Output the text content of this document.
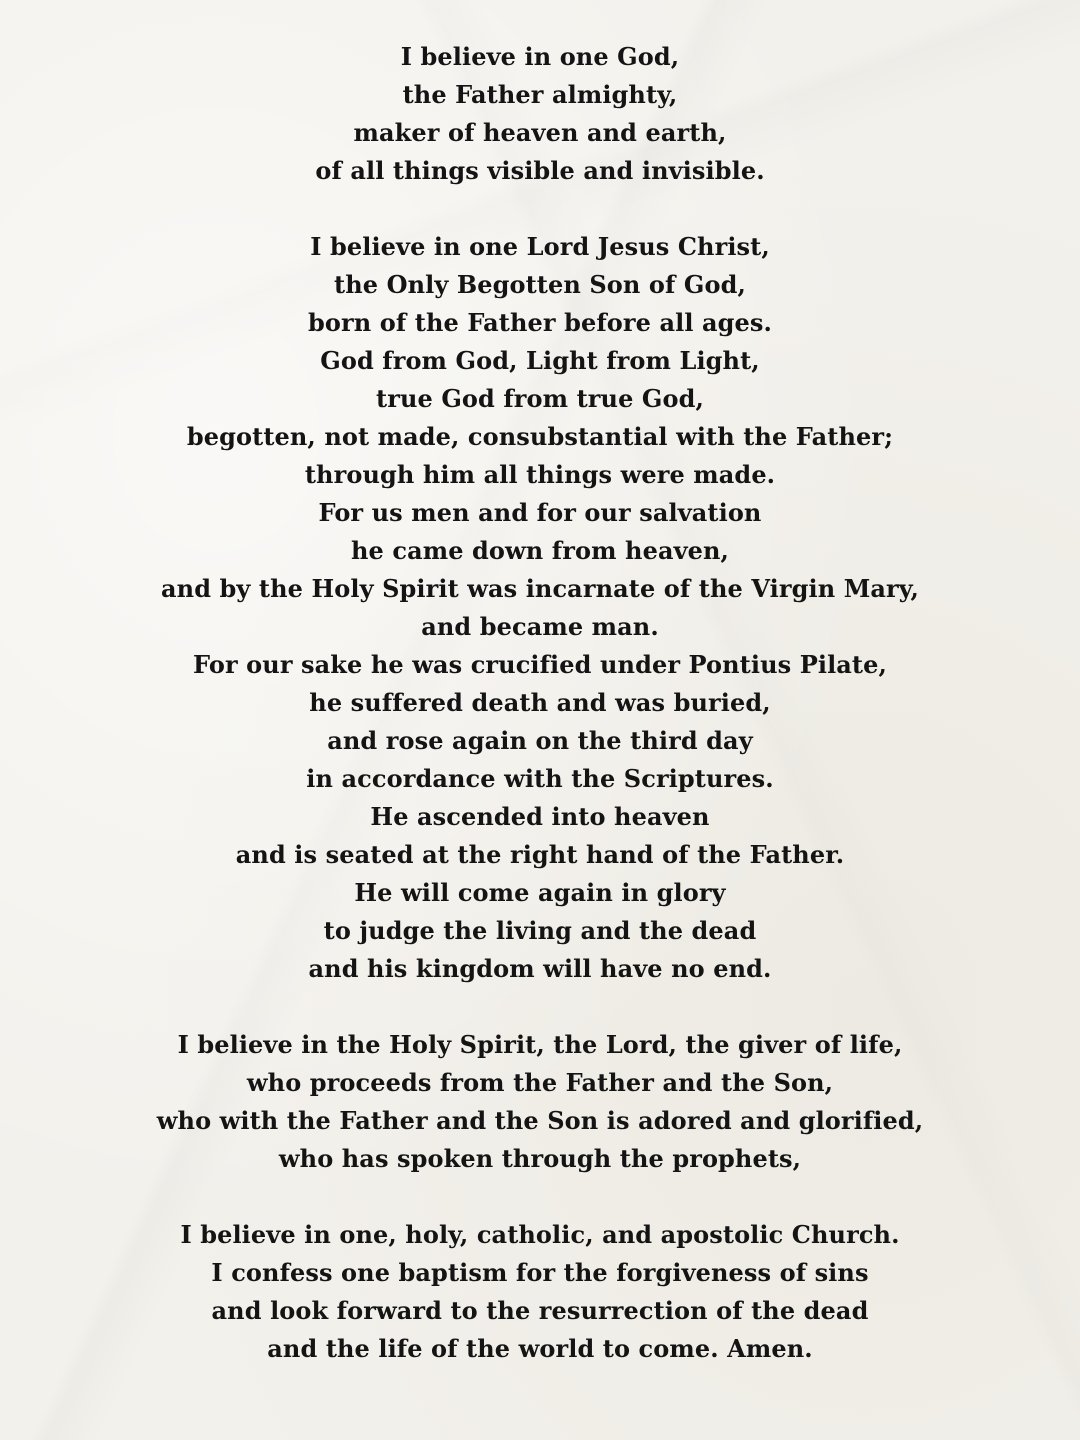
I believe in one God,
the Father almighty,
maker of heaven and earth,
of all things visible and invisible.
I believe in one Lord Jesus Christ,
the Only Begotten Son of God,
born of the Father before all ages.
God from God, Light from Light,
true God from true God,
begotten, not made, consubstantial with the Father;
through him all things were made.
For us men and for our salvation
he came down from heaven,
and by the Holy Spirit was incarnate of the Virgin Mary,
and became man.
For our sake he was crucified under Pontius Pilate,
he suffered death and was buried,
and rose again on the third day
in accordance with the Scriptures.
He ascended into heaven
and is seated at the right hand of the Father.
He will come again in glory
to judge the living and the dead
and his kingdom will have no end.
I believe in the Holy Spirit, the Lord, the giver of life,
who proceeds from the Father and the Son,
who with the Father and the Son is adored and glorified,
who has spoken through the prophets,
I believe in one, holy, catholic, and apostolic Church.
I confess one baptism for the forgiveness of sins
and look forward to the resurrection of the dead
and the life of the world to come. Amen.
